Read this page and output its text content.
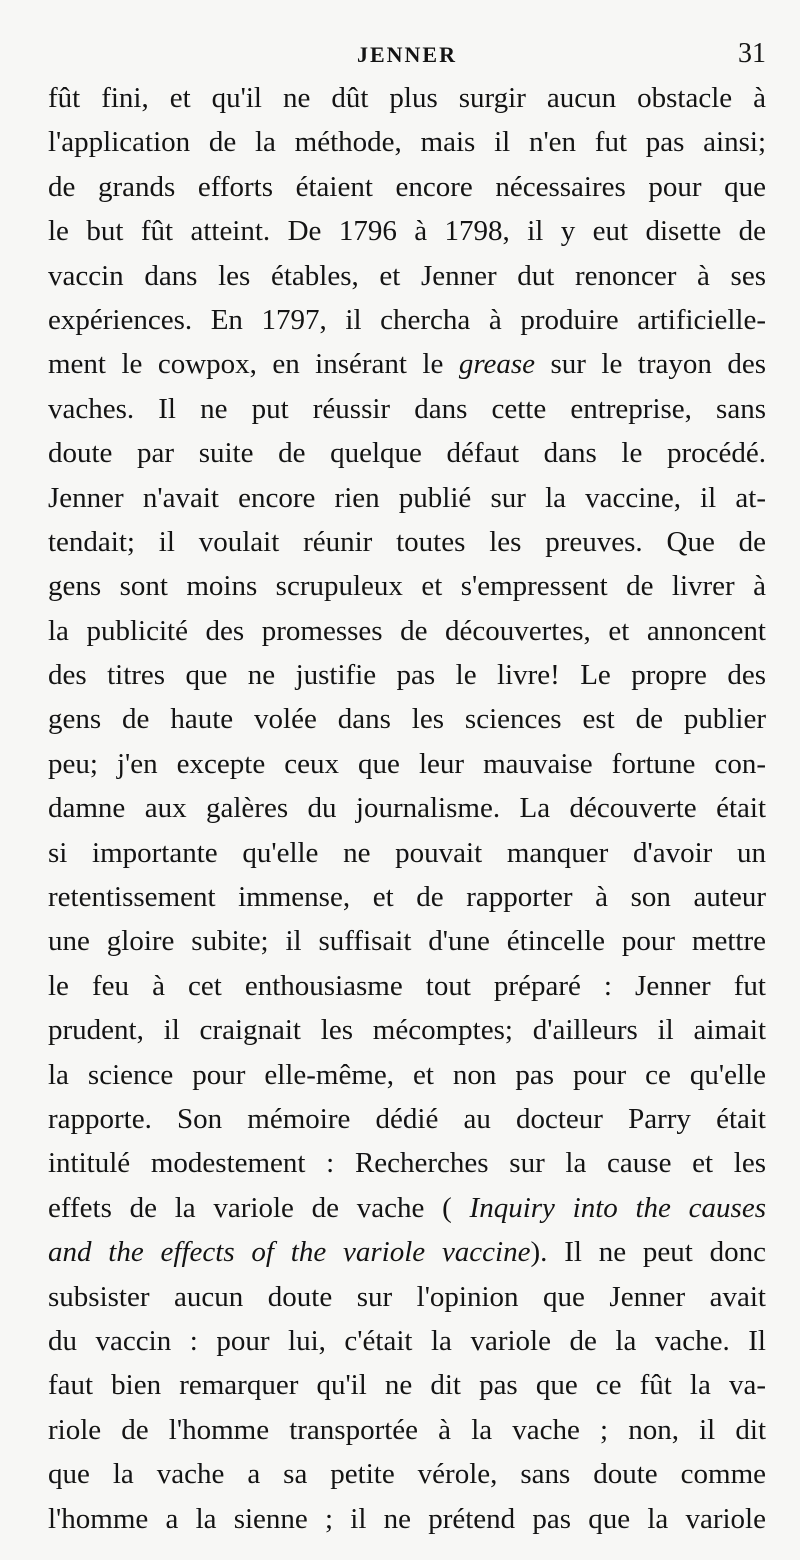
JENNER	31
fût fini, et qu'il ne dût plus surgir aucun obstacle à
l'application de la méthode, mais il n'en fut pas ainsi;
de grands efforts étaient encore nécessaires pour que
le but fût atteint. De 1796 à 1798, il y eut disette de
vaccin dans les étables, et Jenner dut renoncer à ses
expériences. En 1797, il chercha à produire artificielle-
ment le cowpox, en insérant le grease sur le trayon des
vaches. Il ne put réussir dans cette entreprise, sans
doute par suite de quelque défaut dans le procédé.
Jenner n'avait encore rien publié sur la vaccine, il at-
tendait; il voulait réunir toutes les preuves. Que de
gens sont moins scrupuleux et s'empressent de livrer à
la publicité des promesses de découvertes, et annoncent
des titres que ne justifie pas le livre! Le propre des
gens de haute volée dans les sciences est de publier
peu; j'en excepte ceux que leur mauvaise fortune con-
damne aux galères du journalisme. La découverte était
si importante qu'elle ne pouvait manquer d'avoir un
retentissement immense, et de rapporter à son auteur
une gloire subite; il suffisait d'une étincelle pour mettre
le feu à cet enthousiasme tout préparé : Jenner fut
prudent, il craignait les mécomptes; d'ailleurs il aimait
la science pour elle-même, et non pas pour ce qu'elle
rapporte. Son mémoire dédié au docteur Parry était
intitulé modestement : Recherches sur la cause et les
effets de la variole de vache ( Inquiry into the causes
and the effects of the variole vaccine). Il ne peut donc
subsister aucun doute sur l'opinion que Jenner avait
du vaccin : pour lui, c'était la variole de la vache. Il
faut bien remarquer qu'il ne dit pas que ce fût la va-
riole de l'homme transportée à la vache ; non, il dit
que la vache a sa petite vérole, sans doute comme
l'homme a la sienne ; il ne prétend pas que la variole
